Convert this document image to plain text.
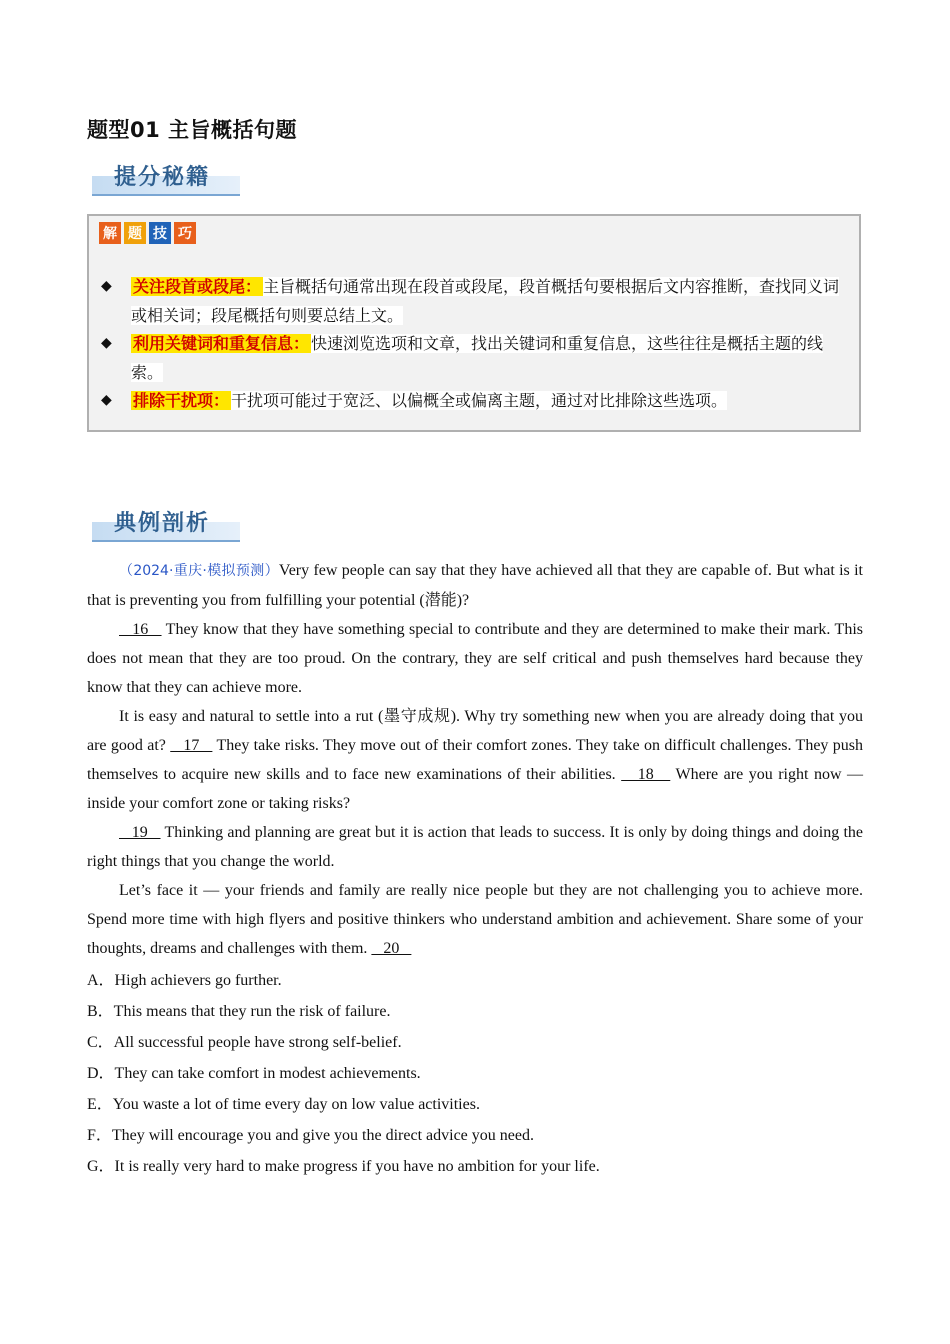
题型01 主旨概括句题
提分秘籍
解 题 技 巧
◆ 关注段首或段尾： 主旨概括句通常出现在段首或段尾，段首概括句要根据后文内容推断，查找同义词或相关词；段尾概括句则要总结上文。
◆ 利用关键词和重复信息： 快速浏览选项和文章，找出关键词和重复信息，这些往往是概括主题的线索。
◆ 排除干扰项： 干扰项可能过于宽泛、以偏概全或偏离主题，通过对比排除这些选项。
典例剖析

（2024·重庆·模拟预测）Very few people can say that they have achieved all that they are capable of. But what is it that is preventing you from fulfilling your potential (潜能)?

16    They know that they have something special to contribute and they are determined to make their mark. This does not mean that they are too proud. On the contrary, they are self critical and push themselves hard because they know that they can achieve more.

It is easy and natural to settle into a rut (墨守成规). Why try something new when you are already doing that you are good at?    17    They take risks. They move out of their comfort zones. They take on difficult challenges. They push themselves to acquire new skills and to face new examinations of their abilities.    18    Where are you right now — inside your comfort zone or taking risks?

19    Thinking and planning are great but it is action that leads to success. It is only by doing things and doing the right things that you change the world.

Let’s face it — your friends and family are really nice people but they are not challenging you to achieve more. Spend more time with high flyers and positive thinkers who understand ambition and achievement. Share some of your thoughts, dreams and challenges with them.    20

A．High achievers go further.
B．This means that they run the risk of failure.
C．All successful people have strong self-belief.
D．They can take comfort in modest achievements.
E．You waste a lot of time every day on low value activities.
F．They will encourage you and give you the direct advice you need.
G．It is really very hard to make progress if you have no ambition for your life.
